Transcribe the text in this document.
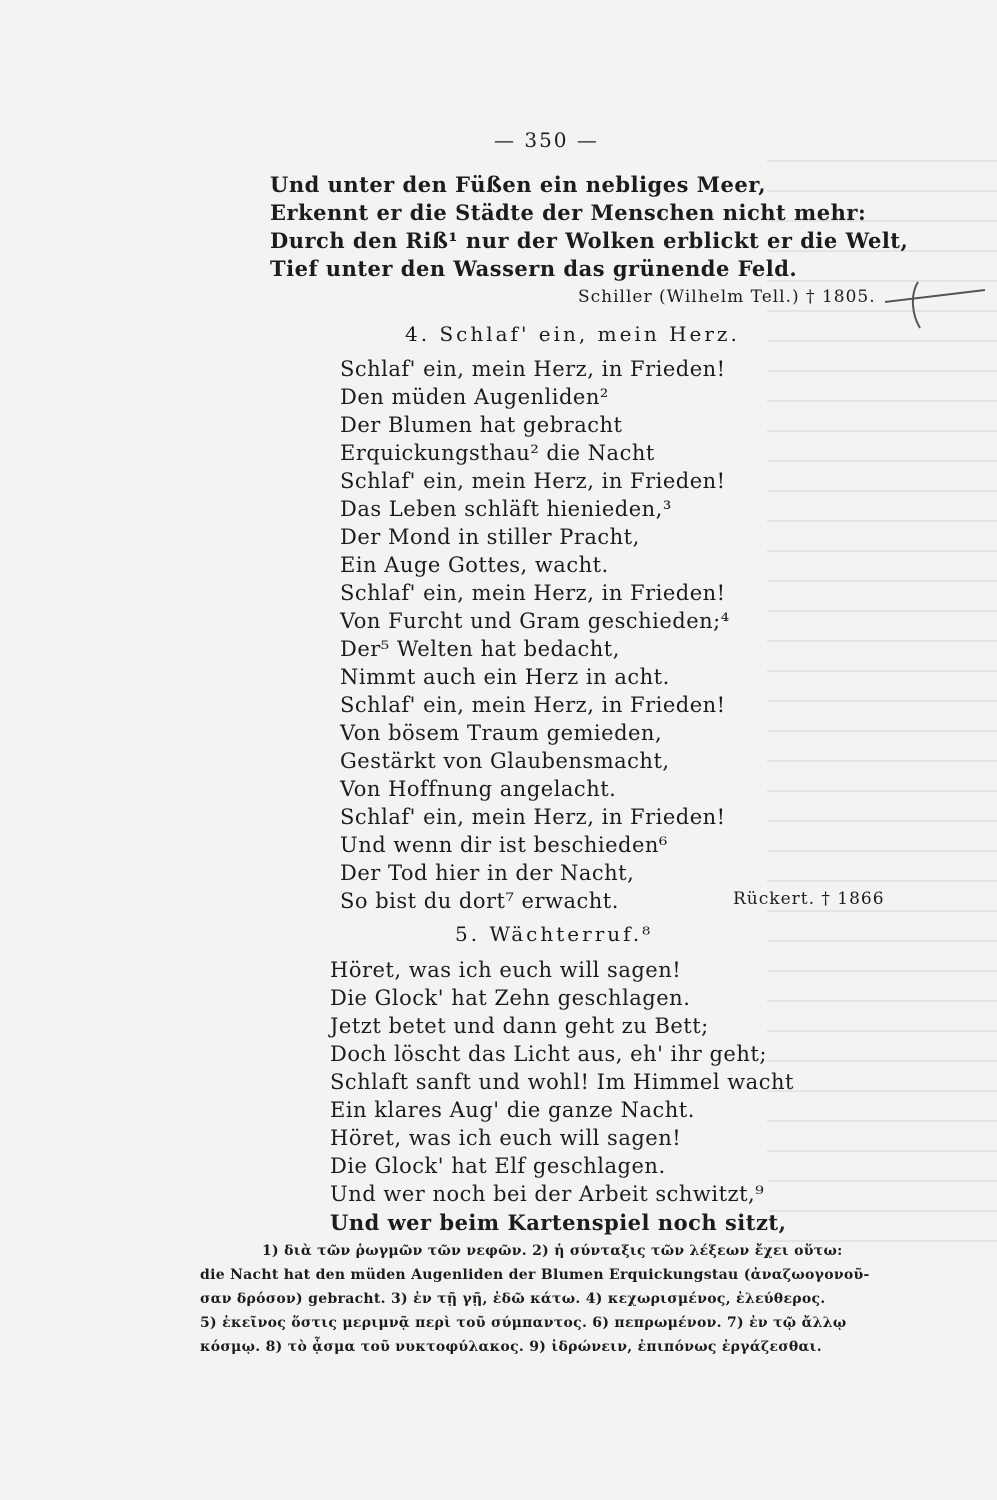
— 350 —
Und unter den Füßen ein nebliges Meer,
Erkennt er die Städte der Menschen nicht mehr:
Durch den Riß¹ nur der Wolken erblickt er die Welt,
Tief unter den Wassern das grünende Feld.
Schiller (Wilhelm Tell.) † 1805.
4. Schlaf' ein, mein Herz.
Schlaf' ein, mein Herz, in Frieden!
Den müden Augenliden²
Der Blumen hat gebracht
Erquickungsthau² die Nacht
Schlaf' ein, mein Herz, in Frieden!
Das Leben schläft hienieden,³
Der Mond in stiller Pracht,
Ein Auge Gottes, wacht.
Schlaf' ein, mein Herz, in Frieden!
Von Furcht und Gram geschieden;⁴
Der⁵ Welten hat bedacht,
Nimmt auch ein Herz in acht.
Schlaf' ein, mein Herz, in Frieden!
Von bösem Traum gemieden,
Gestärkt von Glaubensmacht,
Von Hoffnung angelacht.
Schlaf' ein, mein Herz, in Frieden!
Und wenn dir ist beschieden⁶
Der Tod hier in der Nacht,
So bist du dort⁷ erwacht.	Rückert. † 1866
5. Wächterruf.⁸
Höret, was ich euch will sagen!
Die Glock' hat Zehn geschlagen.
Jetzt betet und dann geht zu Bett;
Doch löscht das Licht aus, eh' ihr geht;
Schlaft sanft und wohl! Im Himmel wacht
Ein klares Aug' die ganze Nacht.
Höret, was ich euch will sagen!
Die Glock' hat Elf geschlagen.
Und wer noch bei der Arbeit schwitzt,⁹
Und wer beim Kartenspiel noch sitzt,
1) διὰ τῶν ῥωγμῶν τῶν νεφῶν. 2) ἡ σύνταξις τῶν λέξεων ἔχει οὕτω:
die Nacht hat den müden Augenliden der Blumen Erquickungstau (ἀναζωογονοῦ-
σαν δρόσον) gebracht. 3) ἐν τῇ γῇ, ἐδῶ κάτω. 4) κεχωρισμένος, ἐλεύθερος.
5) ἐκεῖνος ὅστις μεριμνᾷ περὶ τοῦ σύμπαντος. 6) πεπρωμένον. 7) ἐν τῷ ἄλλῳ
κόσμῳ. 8) τὸ ᾆσμα τοῦ νυκτοφύλακος. 9) ἱδρώνειν, ἐπιπόνως ἐργάζεσθαι.
